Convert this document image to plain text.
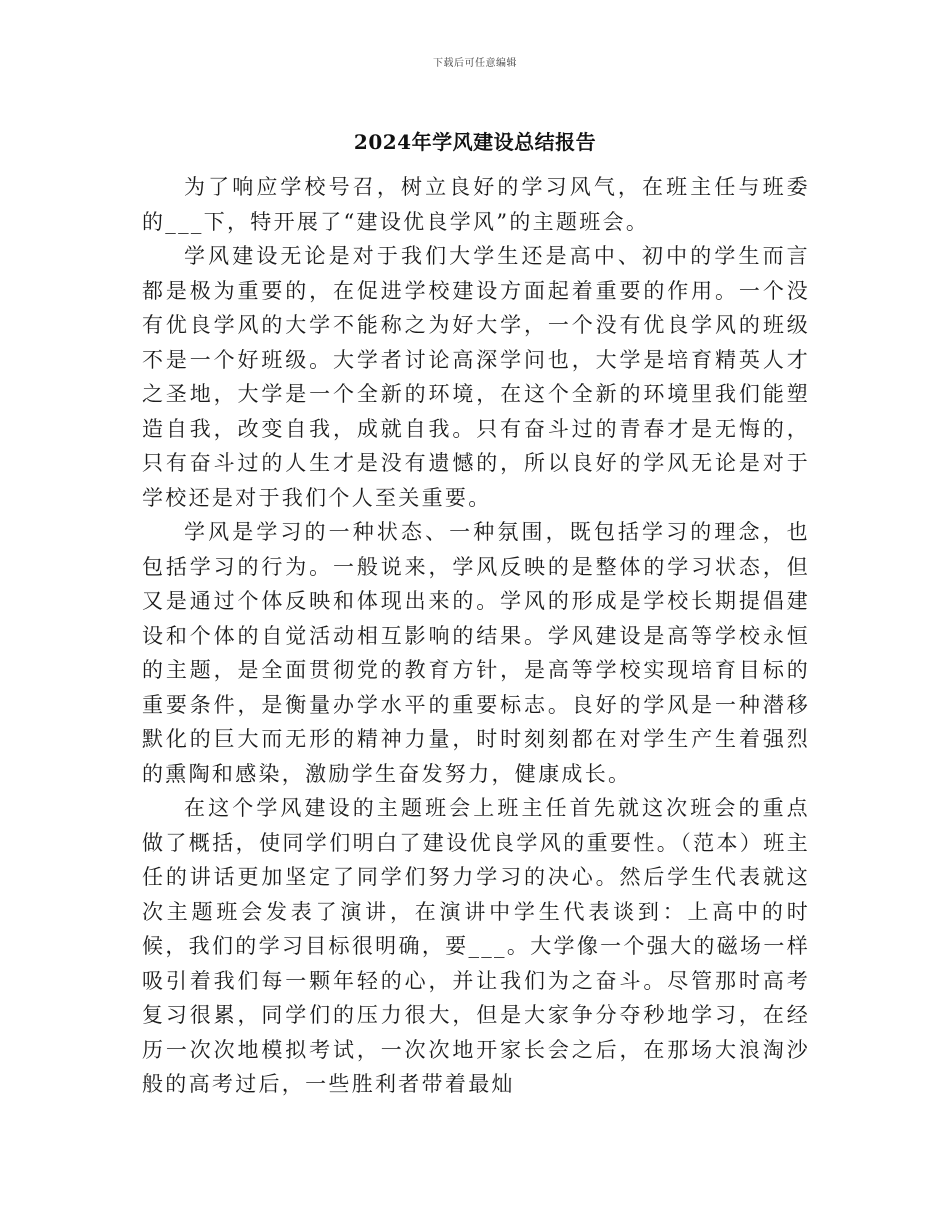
下载后可任意编辑
2024年学风建设总结报告

为了响应学校号召，树立良好的学习风气，在班主任与班委的___下，特开展了“建设优良学风”的主题班会。

学风建设无论是对于我们大学生还是高中、初中的学生而言都是极为重要的，在促进学校建设方面起着重要的作用。一个没有优良学风的大学不能称之为好大学，一个没有优良学风的班级不是一个好班级。大学者讨论高深学问也，大学是培育精英人才之圣地，大学是一个全新的环境，在这个全新的环境里我们能塑造自我，改变自我，成就自我。只有奋斗过的青春才是无悔的，只有奋斗过的人生才是没有遗憾的，所以良好的学风无论是对于学校还是对于我们个人至关重要。

学风是学习的一种状态、一种氛围，既包括学习的理念，也包括学习的行为。一般说来，学风反映的是整体的学习状态，但又是通过个体反映和体现出来的。学风的形成是学校长期提倡建设和个体的自觉活动相互影响的结果。学风建设是高等学校永恒的主题，是全面贯彻党的教育方针，是高等学校实现培育目标的重要条件，是衡量办学水平的重要标志。良好的学风是一种潜移默化的巨大而无形的精神力量，时时刻刻都在对学生产生着强烈的熏陶和感染，激励学生奋发努力，健康成长。

在这个学风建设的主题班会上班主任首先就这次班会的重点做了概括，使同学们明白了建设优良学风的重要性。（范本）班主任的讲话更加坚定了同学们努力学习的决心。然后学生代表就这次主题班会发表了演讲，在演讲中学生代表谈到：上高中的时候，我们的学习目标很明确，要___。大学像一个强大的磁场一样吸引着我们每一颗年轻的心，并让我们为之奋斗。尽管那时高考复习很累，同学们的压力很大，但是大家争分夺秒地学习，在经历一次次地模拟考试，一次次地开家长会之后，在那场大浪淘沙般的高考过后，一些胜利者带着最灿
